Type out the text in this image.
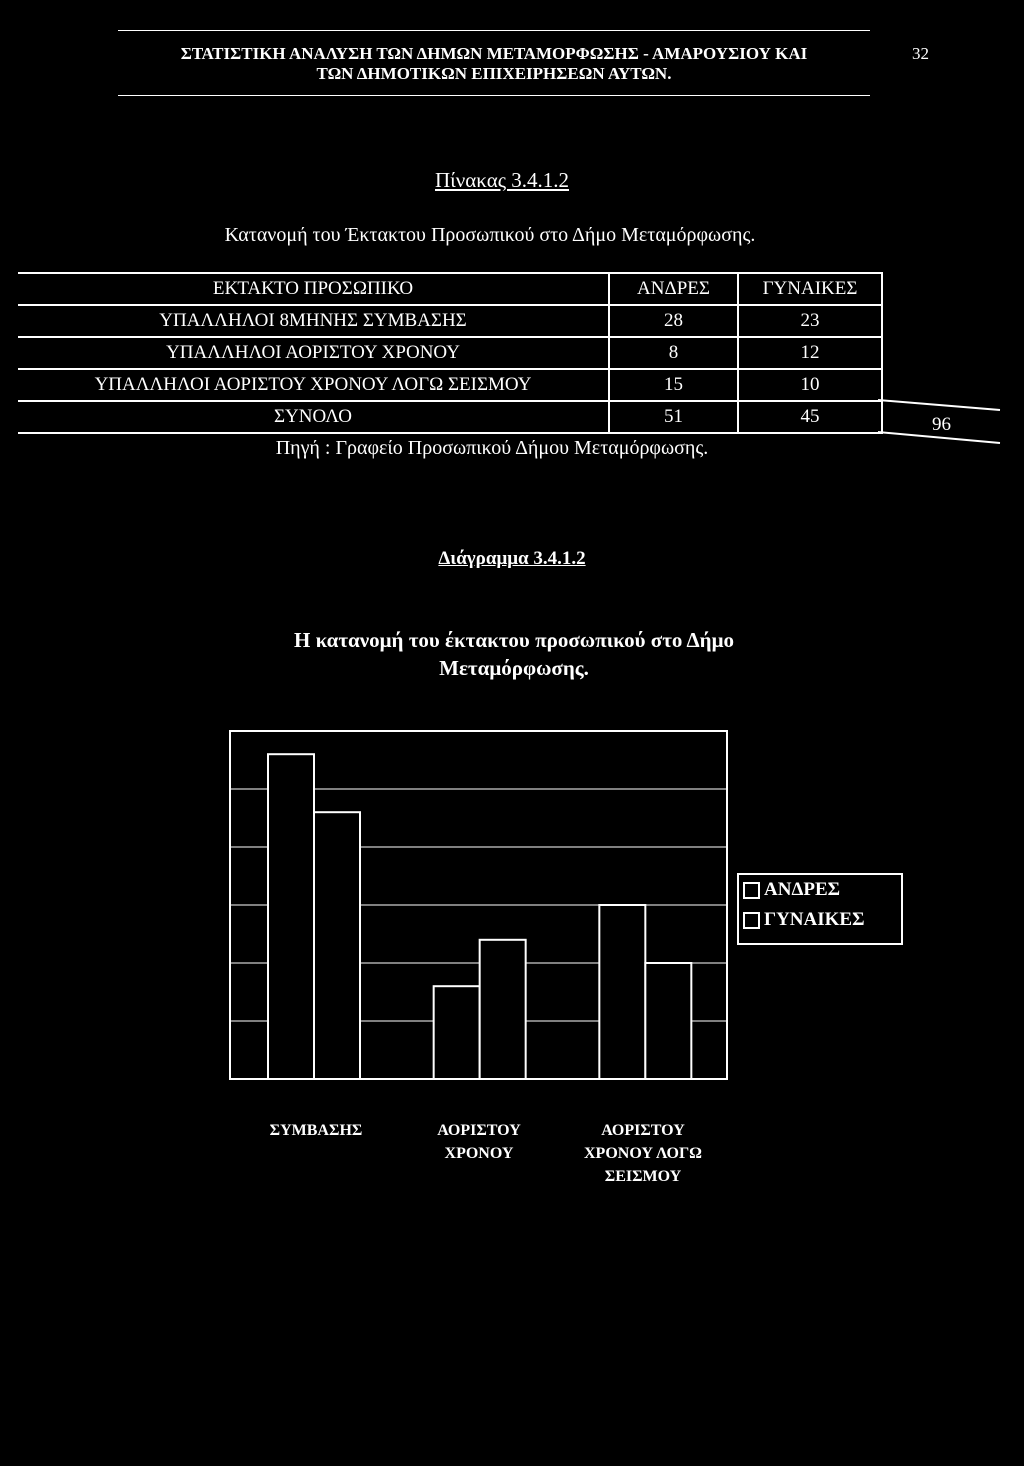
ΣΤΑΤΙΣΤΙΚΗ ΑΝΑΛΥΣΗ ΤΩΝ ΔΗΜΩΝ ΜΕΤΑΜΟΡΦΩΣΗΣ - ΑΜΑΡΟΥΣΙΟΥ ΚΑΙ
ΤΩΝ ΔΗΜΟΤΙΚΩΝ ΕΠΙΧΕΙΡΗΣΕΩΝ ΑΥΤΩΝ.
32
Πίνακας 3.4.1.2
Κατανομή του Έκτακτου Προσωπικού στο Δήμο Μεταμόρφωσης.
ΕΚΤΑΚΤΟ ΠΡΟΣΩΠΙΚΟ	ΑΝΔΡΕΣ	ΓΥΝΑΙΚΕΣ
ΥΠΑΛΛΗΛΟΙ 8ΜΗΝΗΣ ΣΥΜΒΑΣΗΣ	28	23
ΥΠΑΛΛΗΛΟΙ ΑΟΡΙΣΤΟΥ ΧΡΟΝΟΥ	8	12
ΥΠΑΛΛΗΛΟΙ ΑΟΡΙΣΤΟΥ ΧΡΟΝΟΥ ΛΟΓΩ ΣΕΙΣΜΟΥ	15	10
ΣΥΝΟΛΟ	51	45	96
Πηγή : Γραφείο Προσωπικού Δήμου Μεταμόρφωσης.
Διάγραμμα 3.4.1.2
Η κατανομή του έκτακτου προσωπικού στο Δήμο
Μεταμόρφωσης.
ΑΝΔΡΕΣ
ΓΥΝΑΙΚΕΣ
ΣΥΜΒΑΣΗΣ	ΑΟΡΙΣΤΟΥ
ΧΡΟΝΟΥ
ΑΟΡΙΣΤΟΥ
ΧΡΟΝΟΥ ΛΟΓΩ
ΣΕΙΣΜΟΥ
